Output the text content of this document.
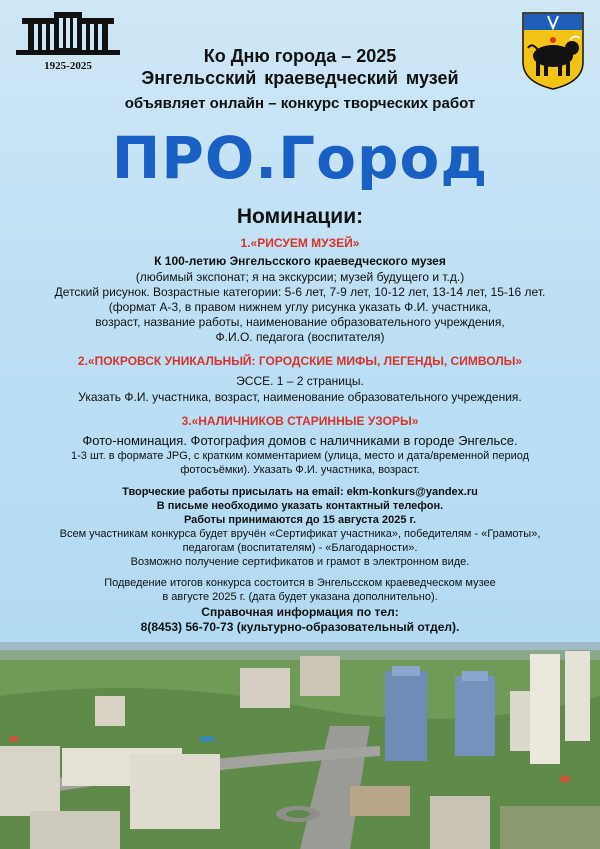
1925-2025	Ко Дню города – 2025
Энгельсский краеведческий музей
объявляет онлайн – конкурс творческих работ
ПРО.Город
Номинации:
1.«РИСУЕМ МУЗЕЙ»
К 100-летию Энгельсского краеведческого музея
(любимый экспонат; я на экскурсии; музей будущего и т.д.)
Детский рисунок. Возрастные категории: 5-6 лет, 7-9 лет, 10-12 лет, 13-14 лет, 15-16 лет.
(формат А-3, в правом нижнем углу рисунка указать Ф.И. участника,
возраст, название работы, наименование образовательного учреждения,
Ф.И.О. педагога (воспитателя)
2.«ПОКРОВСК УНИКАЛЬНЫЙ: ГОРОДСКИЕ МИФЫ, ЛЕГЕНДЫ, СИМВОЛЫ»
ЭССЕ. 1 – 2 страницы.
Указать Ф.И. участника, возраст, наименование образовательного учреждения.
3.«НАЛИЧНИКОВ СТАРИННЫЕ УЗОРЫ»
Фото-номинация. Фотография домов с наличниками в городе Энгельсе.
1-3 шт. в формате JPG, с кратким комментарием (улица, место и дата/временной период
фотосъёмки). Указать Ф.И. участника, возраст.
Творческие работы присылать на email: ekm-konkurs@yandex.ru
В письме необходимо указать контактный телефон.
Работы принимаются до 15 августа 2025 г.
Всем участникам конкурса будет вручён «Сертификат участника», победителям - «Грамоты»,
педагогам (воспитателям) - «Благодарности».
Возможно получение сертификатов и грамот в электронном виде.
Подведение итогов конкурса состоится в Энгельсском краеведческом музее
в августе 2025 г. (дата будет указана дополнительно).
Справочная информация по тел:
8(8453) 56-70-73 (культурно-образовательный отдел).
